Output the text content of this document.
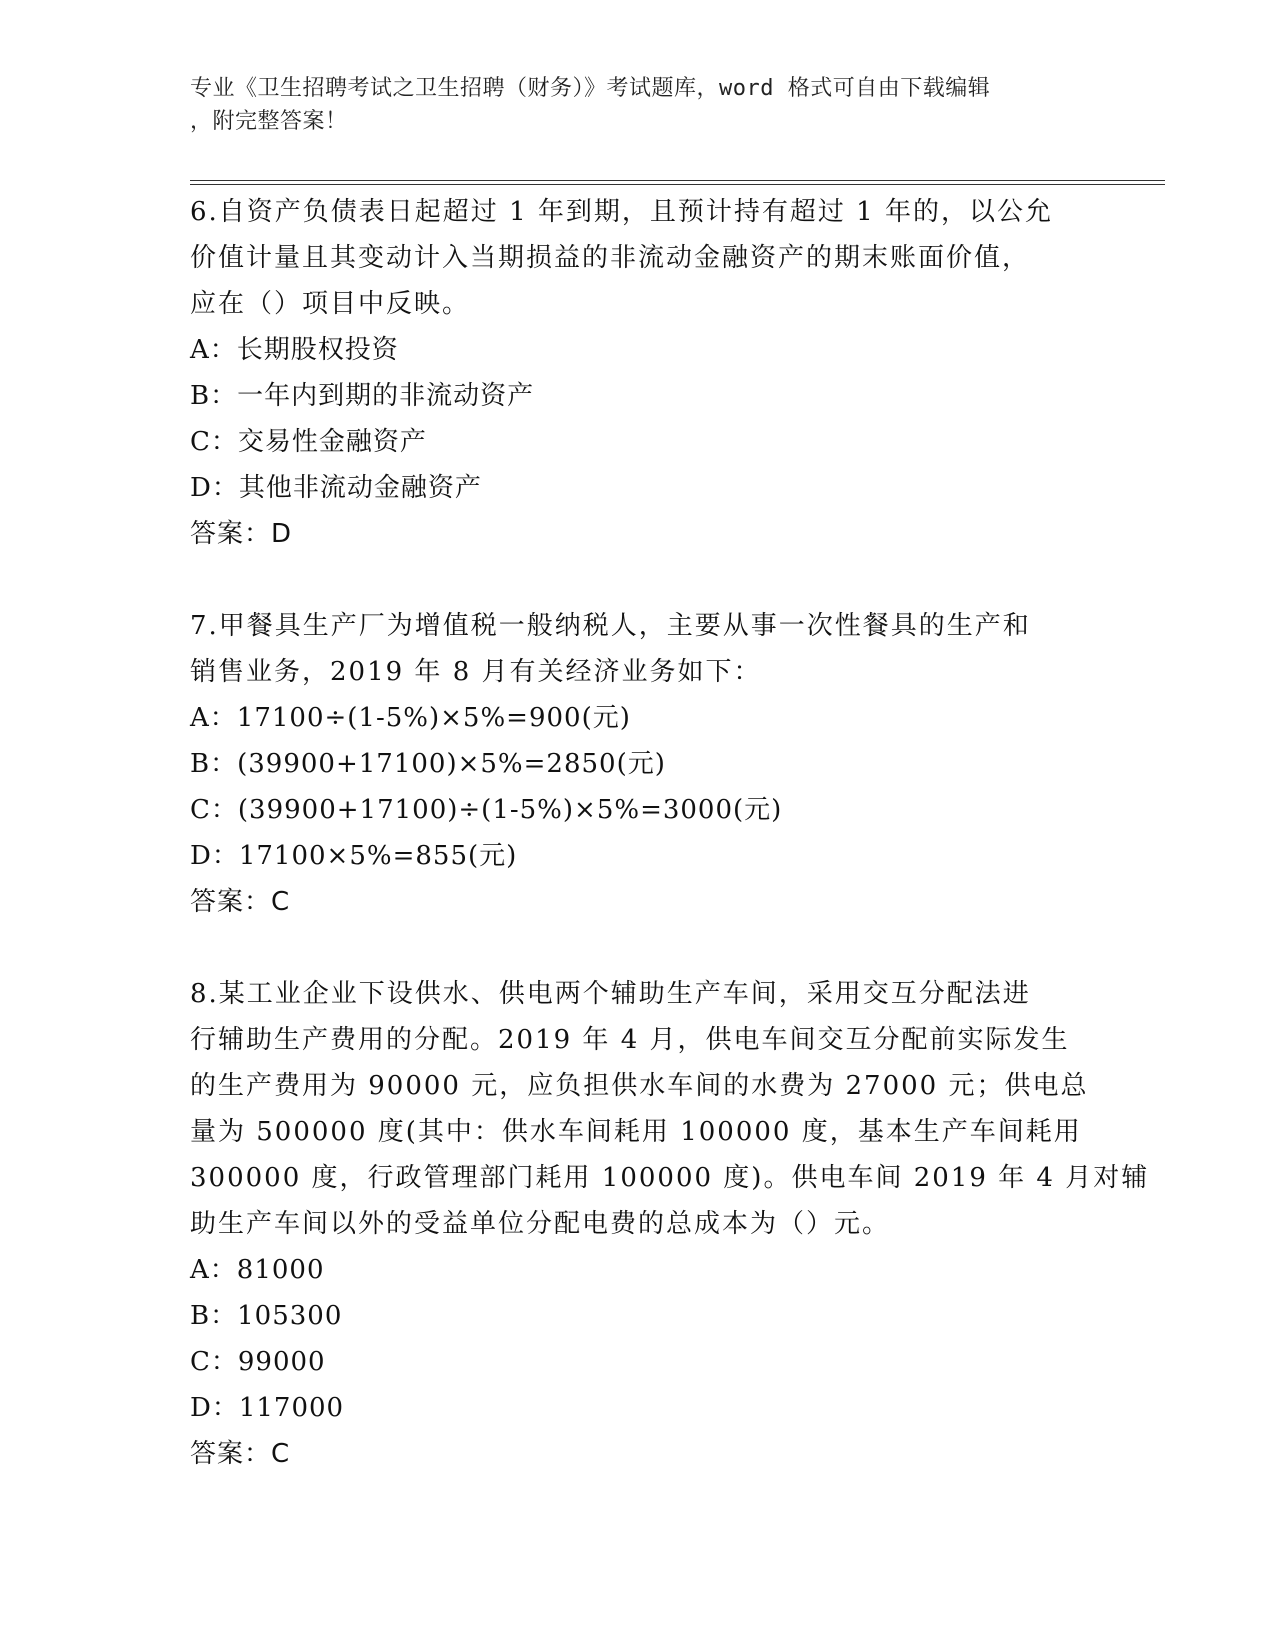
专业《卫生招聘考试之卫生招聘（财务）》考试题库，word 格式可自由下载编辑
，附完整答案！
6.自资产负债表日起超过 1 年到期，且预计持有超过 1 年的，以公允
价值计量且其变动计入当期损益的非流动金融资产的期末账面价值，
应在（）项目中反映。
A：长期股权投资
B：一年内到期的非流动资产
C：交易性金融资产
D：其他非流动金融资产
答案：D
7.甲餐具生产厂为增值税一般纳税人，主要从事一次性餐具的生产和
销售业务，2019 年 8 月有关经济业务如下：
A：17100÷(1-5%)×5%=900(元)
B：(39900+17100)×5%=2850(元)
C：(39900+17100)÷(1-5%)×5%=3000(元)
D：17100×5%=855(元)
答案：C
8.某工业企业下设供水、供电两个辅助生产车间，采用交互分配法进
行辅助生产费用的分配。2019 年 4 月，供电车间交互分配前实际发生
的生产费用为 90000 元，应负担供水车间的水费为 27000 元；供电总
量为 500000 度(其中：供水车间耗用 100000 度，基本生产车间耗用
300000 度，行政管理部门耗用 100000 度)。供电车间 2019 年 4 月对辅
助生产车间以外的受益单位分配电费的总成本为（）元。
A：81000
B：105300
C：99000
D：117000
答案：C
